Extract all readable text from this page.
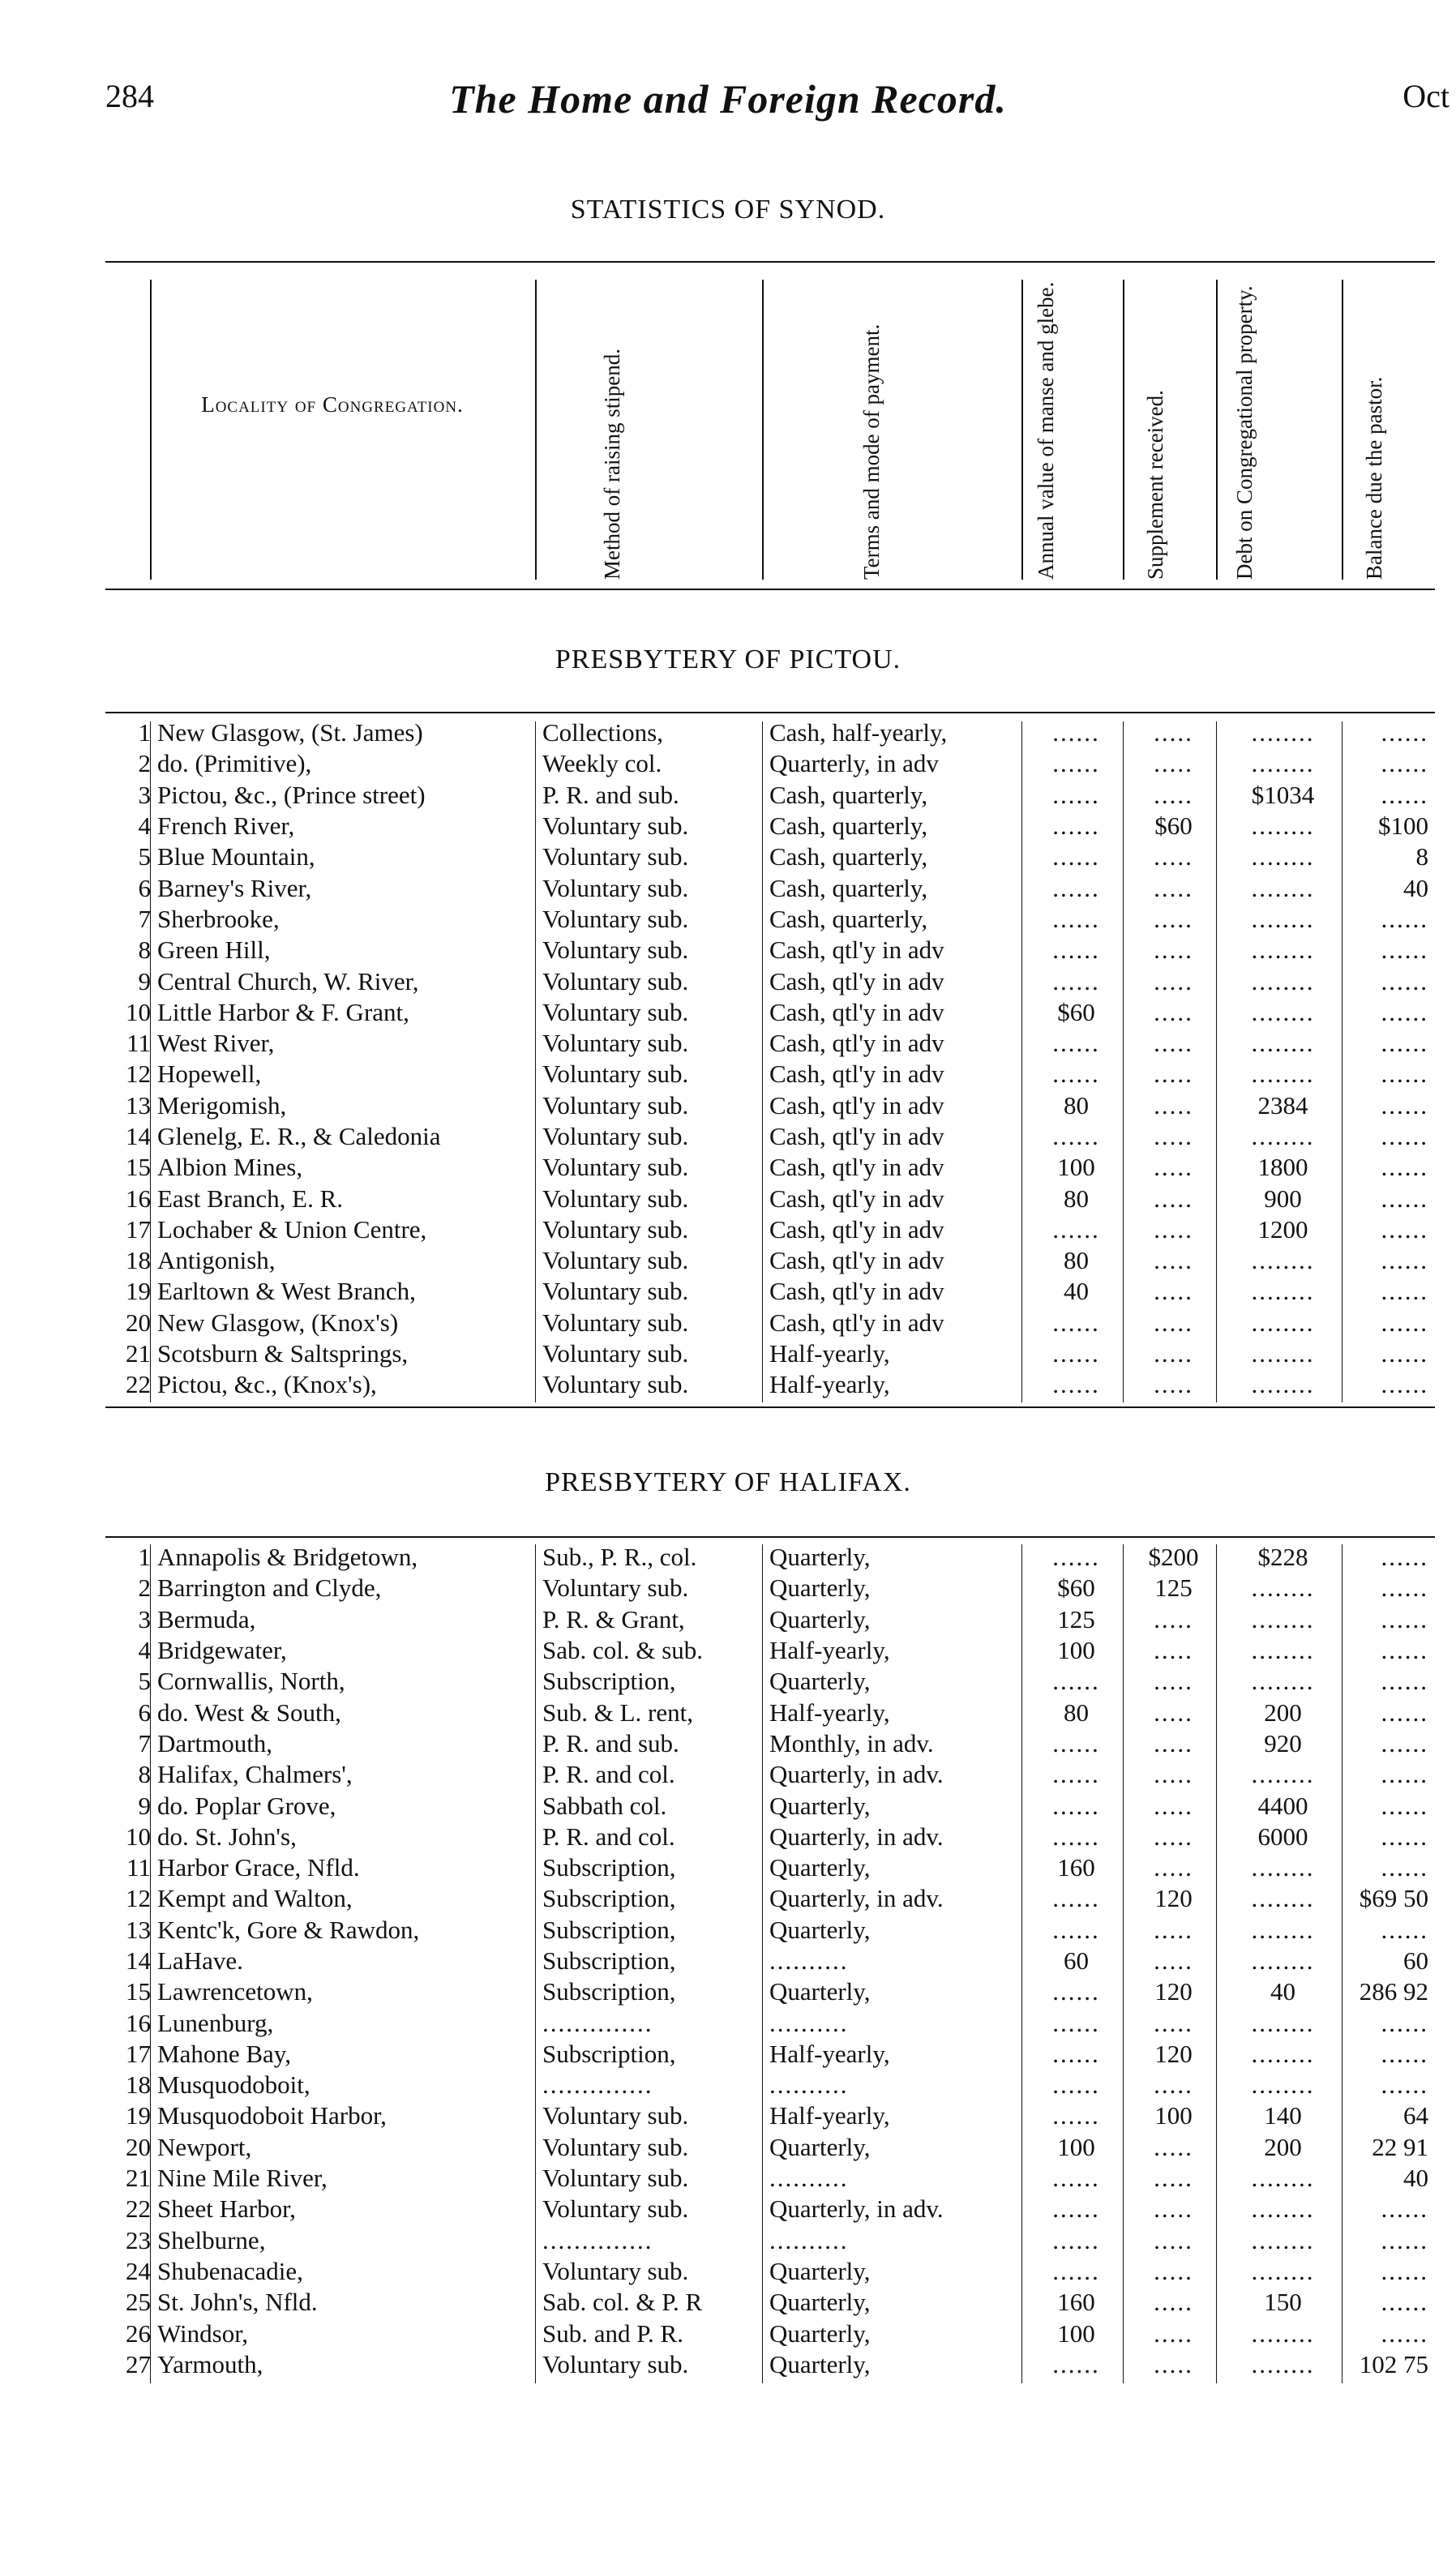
284	The Home and Foreign Record.	Oct
STATISTICS OF SYNOD.
Locality of Congregation.	Method of raising stipend.	Terms and mode of payment.	Annual value of manse and glebe.	Supplement received.	Debt on Congregational property.	Balance due the pastor.
PRESBYTERY OF PICTOU.
1	New Glasgow, (St. James)	Collections,	Cash, half-yearly,	......	.....	........	......
2	do. (Primitive),	Weekly col.	Quarterly, in adv	......	.....	........	......
3	Pictou, &c., (Prince street)	P. R. and sub.	Cash, quarterly,	......	.....	$1034	......
4	French River,	Voluntary sub.	Cash, quarterly,	......	$60	........	$100
5	Blue Mountain,	Voluntary sub.	Cash, quarterly,	......	.....	........	8
6	Barney's River,	Voluntary sub.	Cash, quarterly,	......	.....	........	40
7	Sherbrooke,	Voluntary sub.	Cash, quarterly,	......	.....	........	......
8	Green Hill,	Voluntary sub.	Cash, qtl'y in adv	......	.....	........	......
9	Central Church, W. River,	Voluntary sub.	Cash, qtl'y in adv	......	.....	........	......
10	Little Harbor & F. Grant,	Voluntary sub.	Cash, qtl'y in adv	$60	.....	........	......
11	West River,	Voluntary sub.	Cash, qtl'y in adv	......	.....	........	......
12	Hopewell,	Voluntary sub.	Cash, qtl'y in adv	......	.....	........	......
13	Merigomish,	Voluntary sub.	Cash, qtl'y in adv	80	.....	2384	......
14	Glenelg, E. R., & Caledonia	Voluntary sub.	Cash, qtl'y in adv	......	.....	........	......
15	Albion Mines,	Voluntary sub.	Cash, qtl'y in adv	100	.....	1800	......
16	East Branch, E. R.	Voluntary sub.	Cash, qtl'y in adv	80	.....	900	......
17	Lochaber & Union Centre,	Voluntary sub.	Cash, qtl'y in adv	......	.....	1200	......
18	Antigonish,	Voluntary sub.	Cash, qtl'y in adv	80	.....	........	......
19	Earltown & West Branch,	Voluntary sub.	Cash, qtl'y in adv	40	.....	........	......
20	New Glasgow, (Knox's)	Voluntary sub.	Cash, qtl'y in adv	......	.....	........	......
21	Scotsburn & Saltsprings,	Voluntary sub.	Half-yearly,	......	.....	........	......
22	Pictou, &c., (Knox's),	Voluntary sub.	Half-yearly,	......	.....	........	......
PRESBYTERY OF HALIFAX.
1	Annapolis & Bridgetown,	Sub., P. R., col.	Quarterly,	......	$200	$228	......
2	Barrington and Clyde,	Voluntary sub.	Quarterly,	$60	125	........	......
3	Bermuda,	P. R. & Grant,	Quarterly,	125	.....	........	......
4	Bridgewater,	Sab. col. & sub.	Half-yearly,	100	.....	........	......
5	Cornwallis, North,	Subscription,	Quarterly,	......	.....	........	......
6	do. West & South,	Sub. & L. rent,	Half-yearly,	80	.....	200	......
7	Dartmouth,	P. R. and sub.	Monthly, in adv.	......	.....	920	......
8	Halifax, Chalmers',	P. R. and col.	Quarterly, in adv.	......	.....	........	......
9	do. Poplar Grove,	Sabbath col.	Quarterly,	......	.....	4400	......
10	do. St. John's,	P. R. and col.	Quarterly, in adv.	......	.....	6000	......
11	Harbor Grace, Nfld.	Subscription,	Quarterly,	160	.....	........	......
12	Kempt and Walton,	Subscription,	Quarterly, in adv.	......	120	........	$69 50
13	Kentc'k, Gore & Rawdon,	Subscription,	Quarterly,	......	.....	........	......
14	LaHave.	Subscription,	..........	60	.....	........	60
15	Lawrencetown,	Subscription,	Quarterly,	......	120	40	286 92
16	Lunenburg,	..............	..........	......	.....	........	......
17	Mahone Bay,	Subscription,	Half-yearly,	......	120	........	......
18	Musquodoboit,	..............	..........	......	.....	........	......
19	Musquodoboit Harbor,	Voluntary sub.	Half-yearly,	......	100	140	64
20	Newport,	Voluntary sub.	Quarterly,	100	.....	200	22 91
21	Nine Mile River,	Voluntary sub.	..........	......	.....	........	40
22	Sheet Harbor,	Voluntary sub.	Quarterly, in adv.	......	.....	........	......
23	Shelburne,	..............	..........	......	.....	........	......
24	Shubenacadie,	Voluntary sub.	Quarterly,	......	.....	........	......
25	St. John's, Nfld.	Sab. col. & P. R	Quarterly,	160	.....	150	......
26	Windsor,	Sub. and P. R.	Quarterly,	100	.....	........	......
27	Yarmouth,	Voluntary sub.	Quarterly,	......	.....	........	102 75
